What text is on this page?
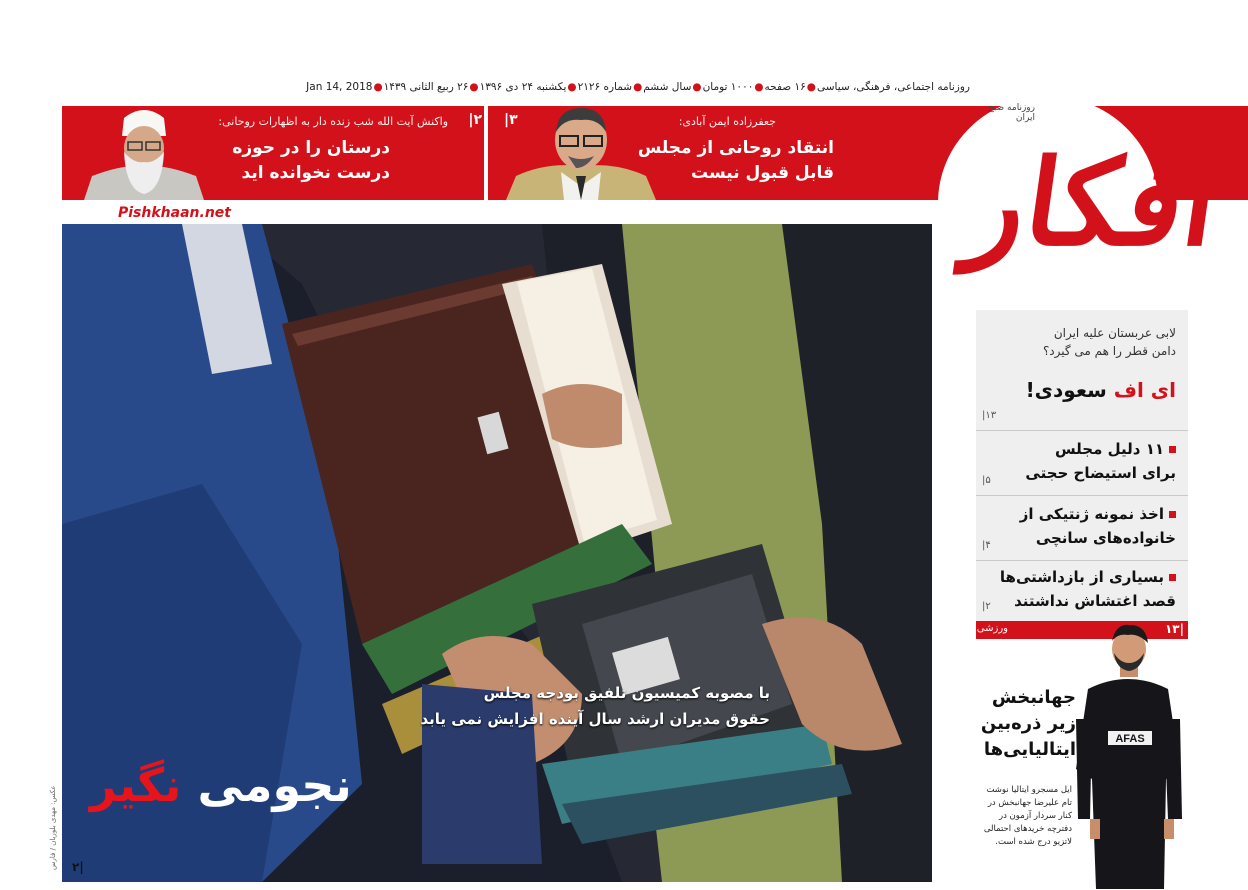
روزنامه اجتماعی، فرهنگی، سیاسی●۱۶ صفحه●۱۰۰۰ تومان●سال ششم●شماره ۲۱۲۶●یکشنبه ۲۴ دی ۱۳۹۶●۲۶ ربیع الثانی ۱۴۳۹●Jan 14, 2018
افکار
روزنامه صبح ایران
جعفرزاده ایمن آبادی:
انتقاد روحانی از مجلس
قابل قبول نیست
۳|
واکنش آیت الله شب زنده دار به اظهارات روحانی:
درستان را در حوزه
درست نخوانده اید
۲|
Pishkhaan.net
با مصوبه کمیسیون تلفیق بودجه مجلس
حقوق مدیران ارشد سال آینده افزایش نمی یابد
نجومی نگیر
عکس: مهدی بلوریان / فارس	۲|
لابی عربستان علیه ایران
دامن قطر را هم می گیرد؟
ای اف سعودی!
۱۳|
۱۱ دلیل مجلس
برای استیضاح حجتی
۵|
اخذ نمونه ژنتیکی از
خانواده‌های سانچی
۴|
بسیاری از بازداشتی‌ها
قصد اغتشاش نداشتند
۲|
ورزشی	۱۳|
AFAS
جهانبخش
زیر ذره‌بین
ایتالیایی‌ها
ایل مسجرو ایتالیا نوشت تام علیرضا جهانبخش در کنار سردار آزمون در دفترچه خریدهای احتمالی لاتزیو درج شده است.
